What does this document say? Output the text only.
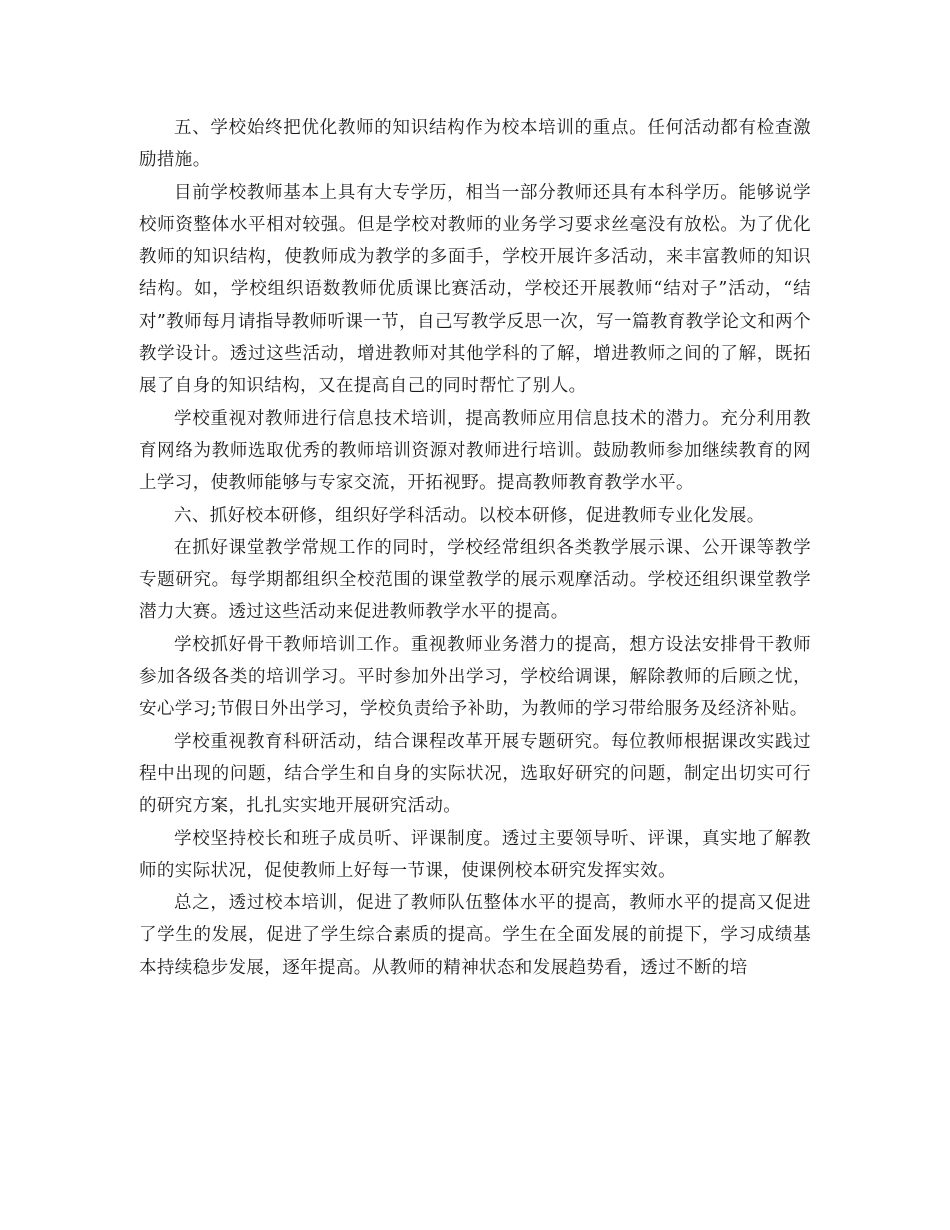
五、学校始终把优化教师的知识结构作为校本培训的重点。任何活动都有检查激励措施。

目前学校教师基本上具有大专学历，相当一部分教师还具有本科学历。能够说学校师资整体水平相对较强。但是学校对教师的业务学习要求丝毫没有放松。为了优化教师的知识结构，使教师成为教学的多面手，学校开展许多活动，来丰富教师的知识结构。如，学校组织语数教师优质课比赛活动，学校还开展教师“结对子”活动，“结对”教师每月请指导教师听课一节，自己写教学反思一次，写一篇教育教学论文和两个教学设计。透过这些活动，增进教师对其他学科的了解，增进教师之间的了解，既拓展了自身的知识结构，又在提高自己的同时帮忙了别人。

学校重视对教师进行信息技术培训，提高教师应用信息技术的潜力。充分利用教育网络为教师选取优秀的教师培训资源对教师进行培训。鼓励教师参加继续教育的网上学习，使教师能够与专家交流，开拓视野。提高教师教育教学水平。

六、抓好校本研修，组织好学科活动。以校本研修，促进教师专业化发展。

在抓好课堂教学常规工作的同时，学校经常组织各类教学展示课、公开课等教学专题研究。每学期都组织全校范围的课堂教学的展示观摩活动。学校还组织课堂教学潜力大赛。透过这些活动来促进教师教学水平的提高。

学校抓好骨干教师培训工作。重视教师业务潜力的提高，想方设法安排骨干教师参加各级各类的培训学习。平时参加外出学习，学校给调课，解除教师的后顾之忧，安心学习;节假日外出学习，学校负责给予补助，为教师的学习带给服务及经济补贴。

学校重视教育科研活动，结合课程改革开展专题研究。每位教师根据课改实践过程中出现的问题，结合学生和自身的实际状况，选取好研究的问题，制定出切实可行的研究方案，扎扎实实地开展研究活动。

学校坚持校长和班子成员听、评课制度。透过主要领导听、评课，真实地了解教师的实际状况，促使教师上好每一节课，使课例校本研究发挥实效。

总之，透过校本培训，促进了教师队伍整体水平的提高，教师水平的提高又促进了学生的发展，促进了学生综合素质的提高。学生在全面发展的前提下，学习成绩基本持续稳步发展，逐年提高。从教师的精神状态和发展趋势看，透过不断的培
